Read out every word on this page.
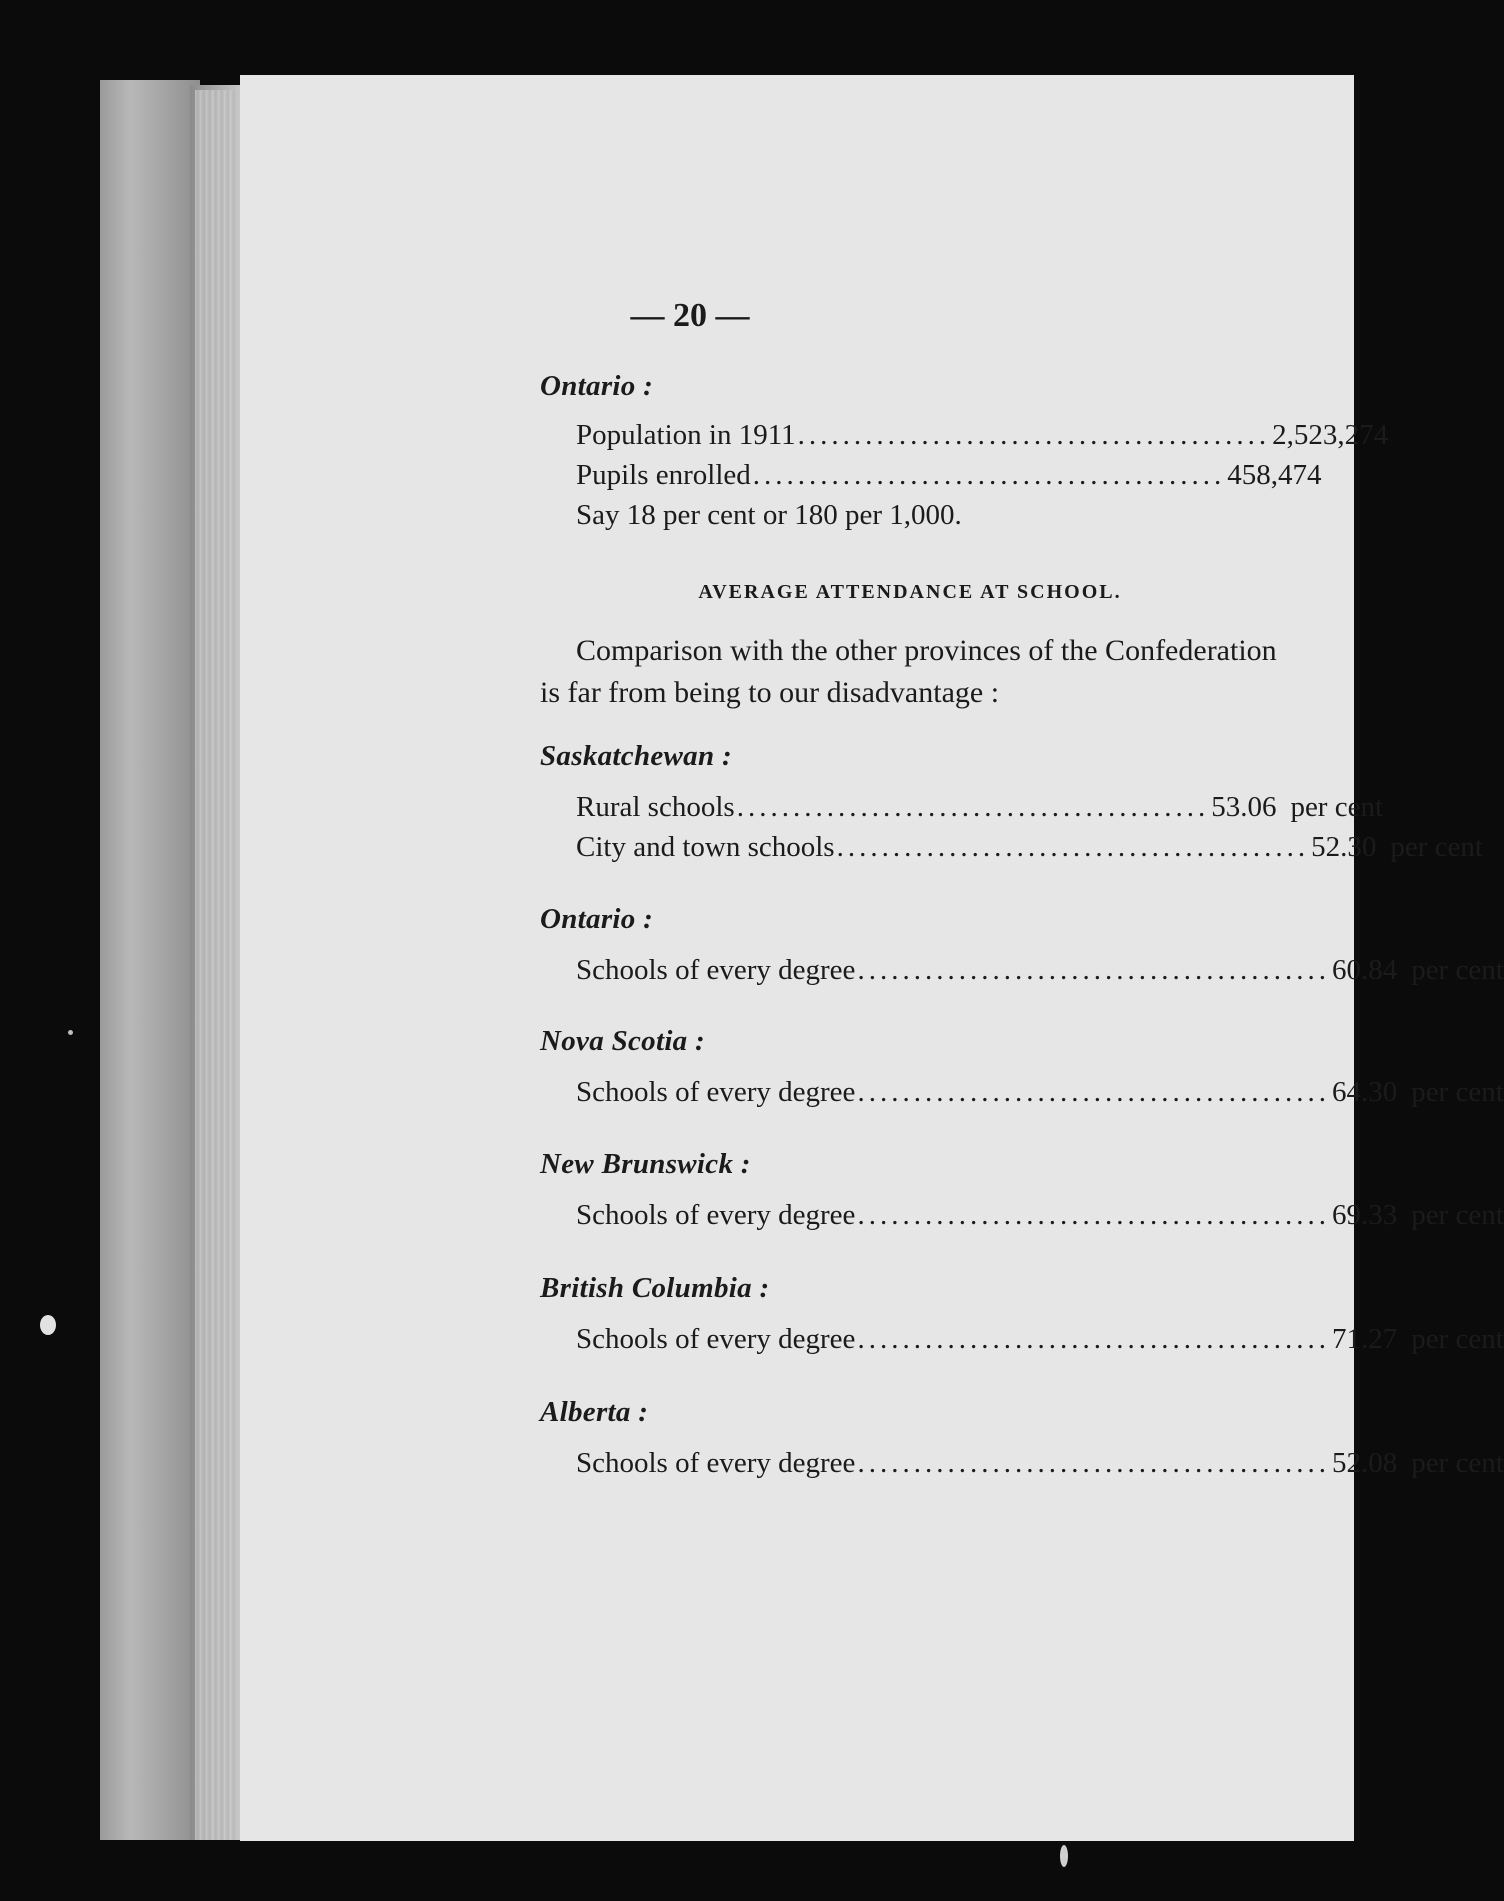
— 20 —
Ontario :
Population in 1911 .......................................... 2,523,274
Pupils enrolled .......................................... 458,474
Say 18 per cent or 180 per 1,000.
AVERAGE ATTENDANCE AT SCHOOL.
Comparison with the other provinces of the Confederation is far from being to our disadvantage :
Saskatchewan :
Rural schools .......................................... 53.06 per cent
City and town schools .......................................... 52.30 per cent
Ontario :
Schools of every degree .......................................... 60.84 per cent
Nova Scotia :
Schools of every degree .......................................... 64.30 per cent
New Brunswick :
Schools of every degree .......................................... 69.33 per cent
British Columbia :
Schools of every degree .......................................... 71.27 per cent
Alberta :
Schools of every degree .......................................... 52.08 per cent
